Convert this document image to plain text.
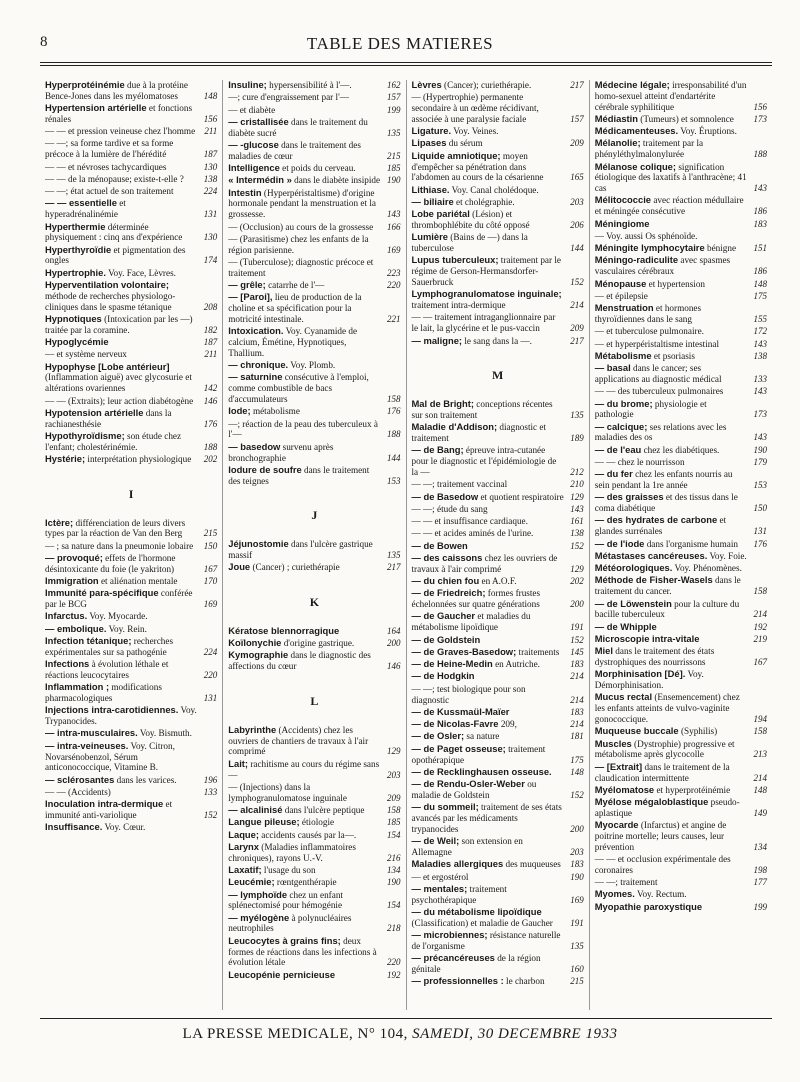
8	TABLE DES MATIERES
Hyperprotéinémie due à la protéine Bence-Jones dans les myélomatoses	148
Hypertension artérielle et fonctions rénales	156
— — et pression veineuse chez l'homme 211
— —; sa forme tardive et sa forme précoce à la lumière de l'hérédité	187
— — et névroses tachycardiques	130
— — de la ménopause; existe-t-elle ?	138
— —; état actuel de son traitement	224
— — essentielle et hyperadrénalinémie	131
Hyperthermie déterminée physiquement : cinq ans d'expérience	130
Hyperthyroïdie et pigmentation des ongles	174
Hypertrophie. Voy. Face, Lèvres.
Hyperventilation volontaire; méthode de recherches physiologo-cliniques dans le spasme tétanique	208
Hypnotiques (Intoxication par les —) traitée par la coramine.	182
Hypoglycémie	187
— et système nerveux	211
Hypophyse [Lobe antérieur] (Inflammation aiguë) avec glycosurie et altérations ovariennes	142
— — (Extraits); leur action diabétogène	146
Hypotension artérielle dans la rachianesthésie	176
Hypothyroïdisme; son étude chez l'enfant; cholestérinémie.	188
Hystérie; interprétation physiologique	202
I
Ictère; différenciation de leurs divers types par la réaction de Van den Berg	215
— ; sa nature dans la pneumonie lobaire	150
— provoqué; effets de l'hormone désintoxicante du foie (le yakriton)	167
Immigration et aliénation mentale	170
Immunité para-spécifique conférée par le BCG	169
Infarctus. Voy. Myocarde.
— embolique. Voy. Rein.
Infection tétanique; recherches expérimentales sur sa pathogénie	224
Infections à évolution léthale et réactions leucocytaires	220
Inflammation ; modifications pharmacologiques	131
Injections intra-carotidiennes. Voy. Trypanocides.
— intra-musculaires. Voy. Bismuth.
— intra-veineuses. Voy. Citron, Novarsénobenzol, Sérum anticonococcique, Vitamine B.
— sclérosantes dans les varices.	196
— — (Accidents)	133
Inoculation intra-dermique et immunité anti-variolique	152
Insuffisance. Voy. Cœur.
Insuline; hypersensibilité à l'—.	162
—; cure d'engraissement par l'—	157
— et diabète	199
— cristallisée dans le traitement du diabète sucré	135
— -glucose dans le traitement des maladies de cœur	215
Intelligence et poids du cerveau.	185
« Intermédin » dans le diabète insipide 190
Intestin (Hyperpéristaltisme) d'origine hormonale pendant la menstruation et la grossesse.	143
— (Occlusion) au cours de la grossesse	166
— (Parasitisme) chez les enfants de la région parisienne.	169
— (Tuberculose); diagnostic précoce et traitement	223
— grêle; catarrhe de l'—	220
— [Paroi], lieu de production de la choline et sa spécification pour la motricité intestinale.	221
Intoxication. Voy. Cyanamide de calcium, Émétine, Hypnotiques, Thallium.
— chronique. Voy. Plomb.
— saturnine consécutive à l'emploi, comme combustible de bacs d'accumulateurs	158
Iode; métabolisme	176
—; réaction de la peau des tuberculeux à l'—	188
— basedow survenu après bronchographie	144
Iodure de soufre dans le traitement des teignes	153
J
Jéjunostomie dans l'ulcère gastrique massif	135
Joue (Cancer) ; curiethérapie	217
K
Kératose blennorragique	164
Koïlonychie d'origine gastrique.	200
Kymographie dans le diagnostic des affections du cœur	146
L
Labyrinthe (Accidents) chez les ouvriers de chantiers de travaux à l'air comprimé	129
Lait; rachitisme au cours du régime sans —	203
— (Injections) dans la lymphogranulomatose inguinale	209
— alcalinisé dans l'ulcère peptique	158
Langue pileuse; étiologie	185
Laque; accidents causés par la—.	154
Larynx (Maladies inflammatoires chroniques), rayons U.-V.	216
Laxatif; l'usage du son	134
Leucémie; rœntgenthérapie	190
— lymphoïde chez un enfant splénectomisé pour hémogénie	154
— myélogène à polynucléaires neutrophiles	218
Leucocytes à grains fins; deux formes de réactions dans les infections à évolution létale	220
Leucopénie pernicieuse	192
Lèvres (Cancer); curiethérapie.	217
— (Hypertrophie) permanente secondaire à un œdème récidivant, associée à une paralysie faciale	157
Ligature. Voy. Veines.
Lipases du sérum	209
Liquide amniotique; moyen d'empêcher sa pénétration dans l'abdomen au cours de la césarienne	165
Lithiase. Voy. Canal cholédoque.
— biliaire et cholégraphie.	203
Lobe pariétal (Lésion) et thrombophlébite du côté opposé	206
Lumière (Bains de —) dans la tuberculose	144
Lupus tuberculeux; traitement par le régime de Gerson-Hermansdorfer-Sauerbruck	152
Lymphogranulomatose inguinale; traitement intra-dermique	214
— — traitement intraganglionnaire par le lait, la glycérine et le pus-vaccin	209
— maligne; le sang dans la —.	217
M
Mal de Bright; conceptions récentes sur son traitement	135
Maladie d'Addison; diagnostic et traitement	189
— de Bang; épreuve intra-cutanée pour le diagnostic et l'épidémiologie de la —	212
— —; traitement vaccinal	210
— de Basedow et quotient respiratoire 129
— —; étude du sang	143
— — et insuffisance cardiaque.	161
— — et acides aminés de l'urine.	138
— de Bowen	152
— des caissons chez les ouvriers de travaux à l'air comprimé	129
— du chien fou en A.O.F.	202
— de Friedreich; formes frustes échelonnées sur quatre générations	200
— de Gaucher et maladies du métabolisme lipoïdique	191
— de Goldstein	152
— de Graves-Basedow; traitements	145
— de Heine-Medin en Autriche.	183
— de Hodgkin	214
— —; test biologique pour son diagnostic	214
— de Kussmaül-Maïer	183
— de Nicolas-Favre 209,	214
— de Osler; sa nature	181
— de Paget osseuse; traitement opothérapique	175
— de Recklinghausen osseuse.	148
— de Rendu-Osler-Weber ou maladie de Goldstein	152
— du sommeil; traitement de ses états avancés par les médicaments trypanocides	200
— de Weil; son extension en Allemagne	203
Maladies allergiques des muqueuses	183
— et ergostérol	190
— mentales; traitement psychothérapique	169
— du métabolisme lipoïdique (Classification) et maladie de Gaucher	191
— microbiennes; résistance naturelle de l'organisme	135
— précancéreuses de la région génitale	160
— professionnelles : le charbon	215
Médecine légale; irresponsabilité d'un homo-sexuel atteint d'endartérite cérébrale syphilitique	156
Médiastin (Tumeurs) et somnolence	173
Médicamenteuses. Voy. Éruptions.
Mélanolie; traitement par la phényléthylmalonylurée	188
Mélanose colique; signification étiologique des laxatifs à l'anthracène; 41 cas	143
Mélitococcie avec réaction médullaire et méningée consécutive	186
Méningiome	183
— Voy. aussi Os sphénoïde.
Méningite lymphocytaire bénigne	151
Méningo-radiculite avec spasmes vasculaires cérébraux	186
Ménopause et hypertension	148
— et épilepsie	175
Menstruation et hormones thyroïdiennes dans le sang	155
— et tuberculose pulmonaire.	172
— et hyperpéristaltisme intestinal	143
Métabolisme et psoriasis	138
— basal dans le cancer; ses applications au diagnostic médical	133
— — des tuberculeux pulmonaires	143
— du brome; physiologie et pathologie	173
— calcique; ses relations avec les maladies des os	143
— de l'eau chez les diabétiques.	190
— — chez le nourrisson	179
— du fer chez les enfants nourris au sein pendant la 1re année	153
— des graisses et des tissus dans le coma diabétique	150
— des hydrates de carbone et glandes surrénales	131
— de l'iode dans l'organisme humain	176
Métastases cancéreuses. Voy. Foie.
Météorologiques. Voy. Phénomènes.
Méthode de Fisher-Wasels dans le traitement du cancer.	158
— de Löwenstein pour la culture du bacille tuberculeux	214
— de Whipple	192
Microscopie intra-vitale	219
Miel dans le traitement des états dystrophiques des nourrissons	167
Morphinisation [Dé]. Voy. Démorphinisation.
Mucus rectal (Ensemencement) chez les enfants atteints de vulvo-vaginite gonococcique.	194
Muqueuse buccale (Syphilis)	158
Muscles (Dystrophie) progressive et métabolisme après glycocolle	213
— [Extrait] dans le traitement de la claudication intermittente	214
Myélomatose et hyperprotéinémie	148
Myélose mégaloblastique pseudo-aplastique	149
Myocarde (Infarctus) et angine de poitrine mortelle; leurs causes, leur prévention	134
— — et occlusion expérimentale des coronaires	198
— —; traitement	177
Myomes. Voy. Rectum.
Myopathie paroxystique	199
LA PRESSE MEDICALE, N° 104, SAMEDI, 30 DECEMBRE 1933
